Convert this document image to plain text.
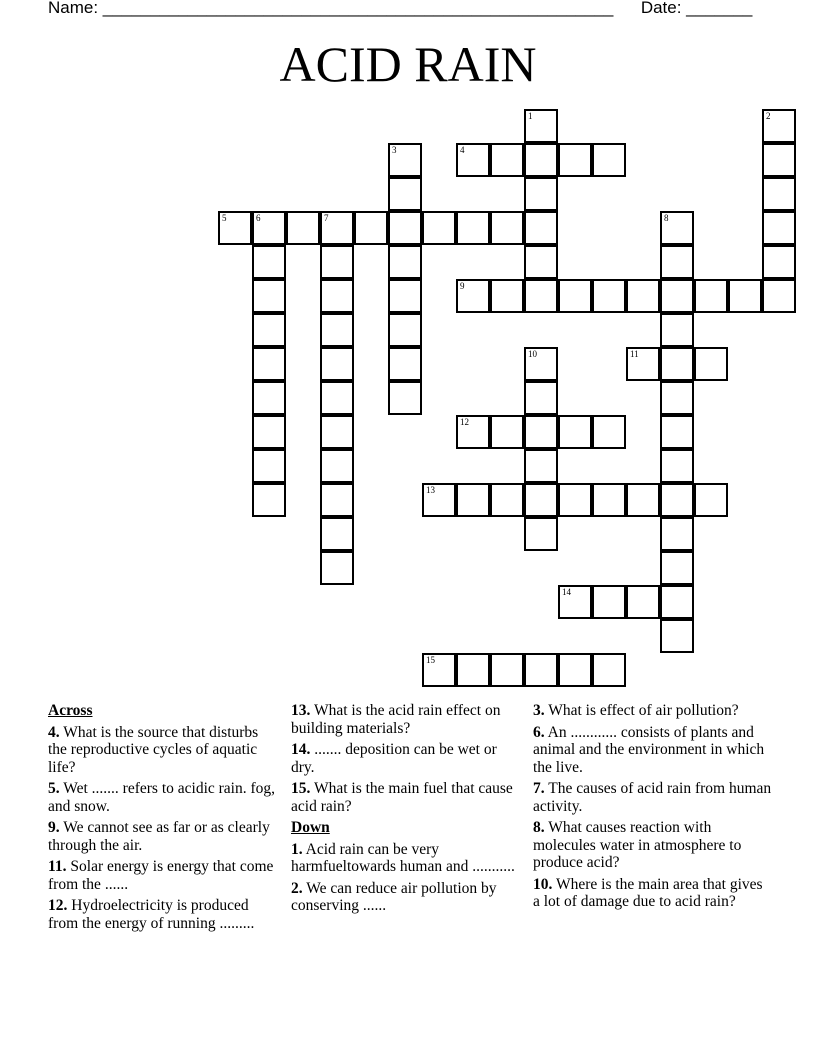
Name: ______________________________________________________ Date: _______
ACID RAIN
1	2
3	4
5	6	7	8
9
10	11
12
13
14
15
Across
4. What is the source that disturbs the reproductive cycles of aquatic life?
5. Wet ....... refers to acidic rain. fog, and snow.
9. We cannot see as far or as clearly through the air.
11. Solar energy is energy that come from the ......
12. Hydroelectricity is produced from the energy of running .........
13. What is the acid rain effect on building materials?
14. ....... deposition can be wet or dry.
15. What is the main fuel that cause acid rain?
Down
1. Acid rain can be very harmfueltowards human and ...........
2. We can reduce air pollution by conserving ......
3. What is effect of air pollution?
6. An ............ consists of plants and animal and the environment in which the live.
7. The causes of acid rain from human activity.
8. What causes reaction with molecules water in atmosphere to produce acid?
10. Where is the main area that gives a lot of damage due to acid rain?
